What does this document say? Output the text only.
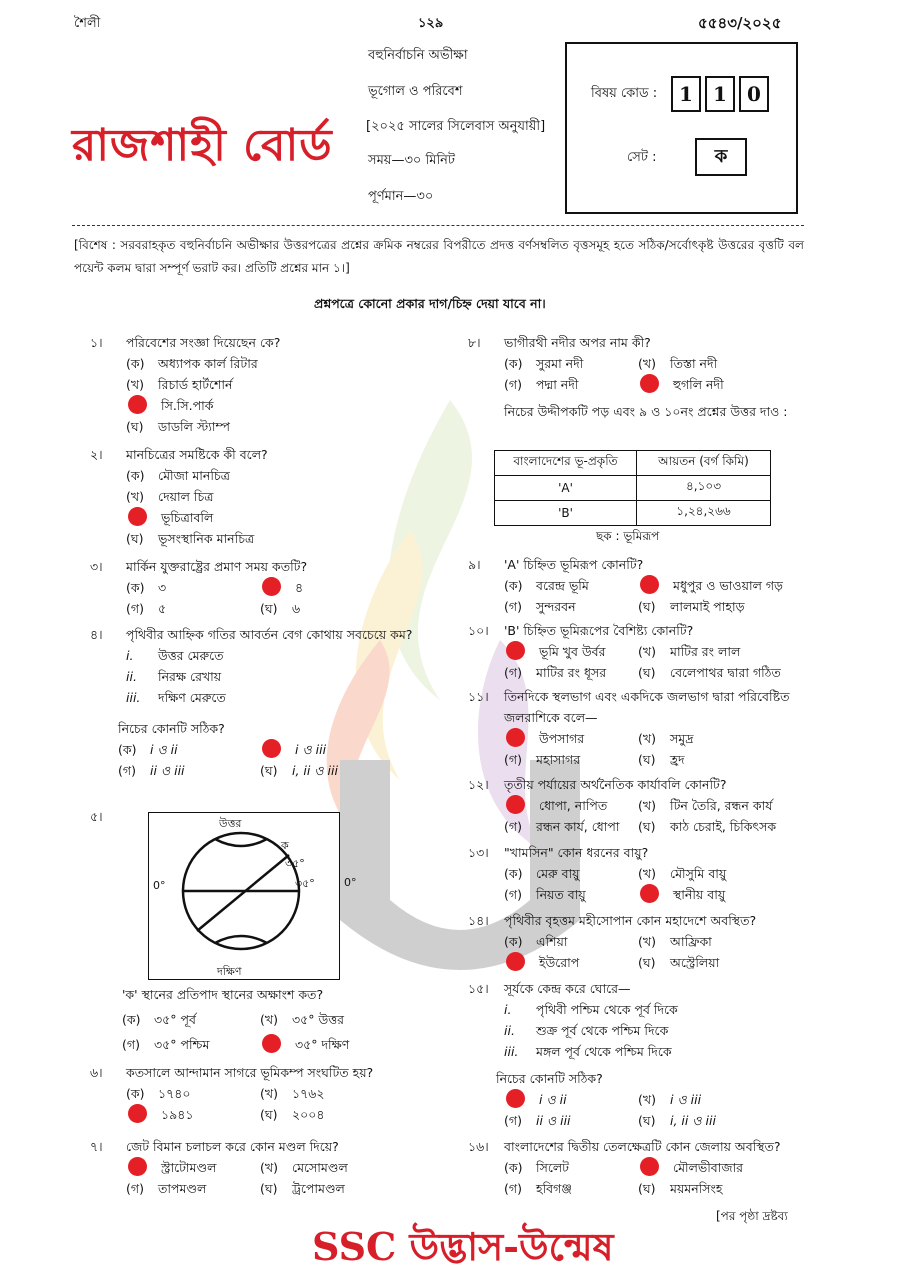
শৈলী	১২৯	৫৫৪৩/২০২৫
রাজশাহী বোর্ড
বহুনির্বাচনি অভীক্ষা
ভূগোল ও পরিবেশ
[২০২৫ সালের সিলেবাস অনুযায়ী]
সময়—৩০ মিনিট
পূর্ণমান—৩০
বিষয় কোড :	1 1 0
সেট :	ক
[বিশেষ : সরবরাহকৃত বহুনির্বাচনি অভীক্ষার উত্তরপত্রের প্রশ্নের ক্রমিক নম্বরের বিপরীতে প্রদত্ত বর্ণসম্বলিত বৃত্তসমূহ হতে সঠিক/সর্বোৎকৃষ্ট উত্তরের বৃত্তটি বল পয়েন্ট কলম দ্বারা সম্পূর্ণ ভরাট কর। প্রতিটি প্রশ্নের মান ১।]
প্রশ্নপত্রে কোনো প্রকার দাগ/চিহ্ন দেয়া যাবে না।
১।	পরিবেশের সংজ্ঞা দিয়েছেন কে?
(ক) অধ্যাপক কার্ল রিটার
(খ) রিচার্ড হার্টশোর্ন
সি.সি.পার্ক
(ঘ) ডাডলি স্ট্যাম্প
২।	মানচিত্রের সমষ্টিকে কী বলে?
(ক) মৌজা মানচিত্র
(খ) দেয়াল চিত্র
ভূচিত্রাবলি
(ঘ) ভূসংস্থানিক মানচিত্র
৩।	মার্কিন যুক্তরাষ্ট্রের প্রমাণ সময় কতটি?
(ক) ৩	৪
(গ) ৫	(ঘ) ৬
৪।	পৃথিবীর আহ্নিক গতির আবর্তন বেগ কোথায় সবচেয়ে কম?
i. উত্তর মেরুতে
ii. নিরক্ষ রেখায়
iii. দক্ষিণ মেরুতে
নিচের কোনটি সঠিক?
(ক) i ও ii	i ও iii
(গ) ii ও iii	(ঘ) i, ii ও iii
৫।	উত্তর
দক্ষিণ
ক
৩৫°
৩৫°
0°	0°
'ক' স্থানের প্রতিপাদ স্থানের অক্ষাংশ কত?
(ক) ৩৫° পূর্ব	(খ) ৩৫° উত্তর
(গ) ৩৫° পশ্চিম	৩৫° দক্ষিণ
৬।	কতসালে আন্দামান সাগরে ভূমিকম্প সংঘটিত হয়?
(ক) ১৭৪০	(খ) ১৭৬২
১৯৪১	(ঘ) ২০০৪
৭।	জেট বিমান চলাচল করে কোন মণ্ডল দিয়ে?
স্ট্রাটোমণ্ডল	(খ) মেসোমণ্ডল
(গ) তাপমণ্ডল	(ঘ) ট্রপোমণ্ডল
৮।	ভাগীরথী নদীর অপর নাম কী?
(ক) সুরমা নদী	(খ) তিস্তা নদী
(গ) পদ্মা নদী	হুগলি নদী
নিচের উদ্দীপকটি পড় এবং ৯ ও ১০নং প্রশ্নের উত্তর দাও :
বাংলাদেশের ভূ-প্রকৃতি	আয়তন (বর্গ কিমি)
'A'	৪,১০৩
'B'	১,২৪,২৬৬
ছক : ভূমিরূপ
৯।	'A' চিহ্নিত ভূমিরূপ কোনটি?
(ক) বরেন্দ্র ভূমি	মধুপুর ও ভাওয়াল গড়
(গ) সুন্দরবন	(ঘ) লালমাই পাহাড়
১০।	'B' চিহ্নিত ভূমিরূপের বৈশিষ্ট্য কোনটি?
ভূমি খুব উর্বর	(খ) মাটির রং লাল
(গ) মাটির রং ধূসর	(ঘ) বেলেপাথর দ্বারা গঠিত
১১।	তিনদিকে স্থলভাগ এবং একদিকে জলভাগ দ্বারা পরিবেষ্টিত জলরাশিকে বলে—
উপসাগর	(খ) সমুদ্র
(গ) মহাসাগর	(ঘ) হ্রদ
১২।	তৃতীয় পর্যায়ের অর্থনৈতিক কার্যাবলি কোনটি?
ধোপা, নাপিত (খ) টিন তৈরি, রন্ধন কার্য
(গ) রন্ধন কার্য, ধোপা (ঘ) কাঠ চেরাই, চিকিৎসক
১৩।	"খামসিন" কোন ধরনের বায়ু?
(ক) মেরু বায়ু	(খ) মৌসুমি বায়ু
(গ) নিয়ত বায়ু	স্থানীয় বায়ু
১৪।	পৃথিবীর বৃহত্তম মহীসোপান কোন মহাদেশে অবস্থিত?
(ক) এশিয়া	(খ) আফ্রিকা
ইউরোপ	(ঘ) অস্ট্রেলিয়া
১৫।	সূর্যকে কেন্দ্র করে ঘোরে—
i. পৃথিবী পশ্চিম থেকে পূর্ব দিকে
ii. শুক্র পূর্ব থেকে পশ্চিম দিকে
iii. মঙ্গল পূর্ব থেকে পশ্চিম দিকে
নিচের কোনটি সঠিক?
i ও ii	(খ) i ও iii
(গ) ii ও iii	(ঘ) i, ii ও iii
১৬।	বাংলাদেশের দ্বিতীয় তেলক্ষেত্রটি কোন জেলায় অবস্থিত?
(ক) সিলেট	মৌলভীবাজার
(গ) হবিগঞ্জ	(ঘ) ময়মনসিংহ
[পর পৃষ্ঠা দ্রষ্টব্য
SSC উদ্ভাস-উন্মেষ
